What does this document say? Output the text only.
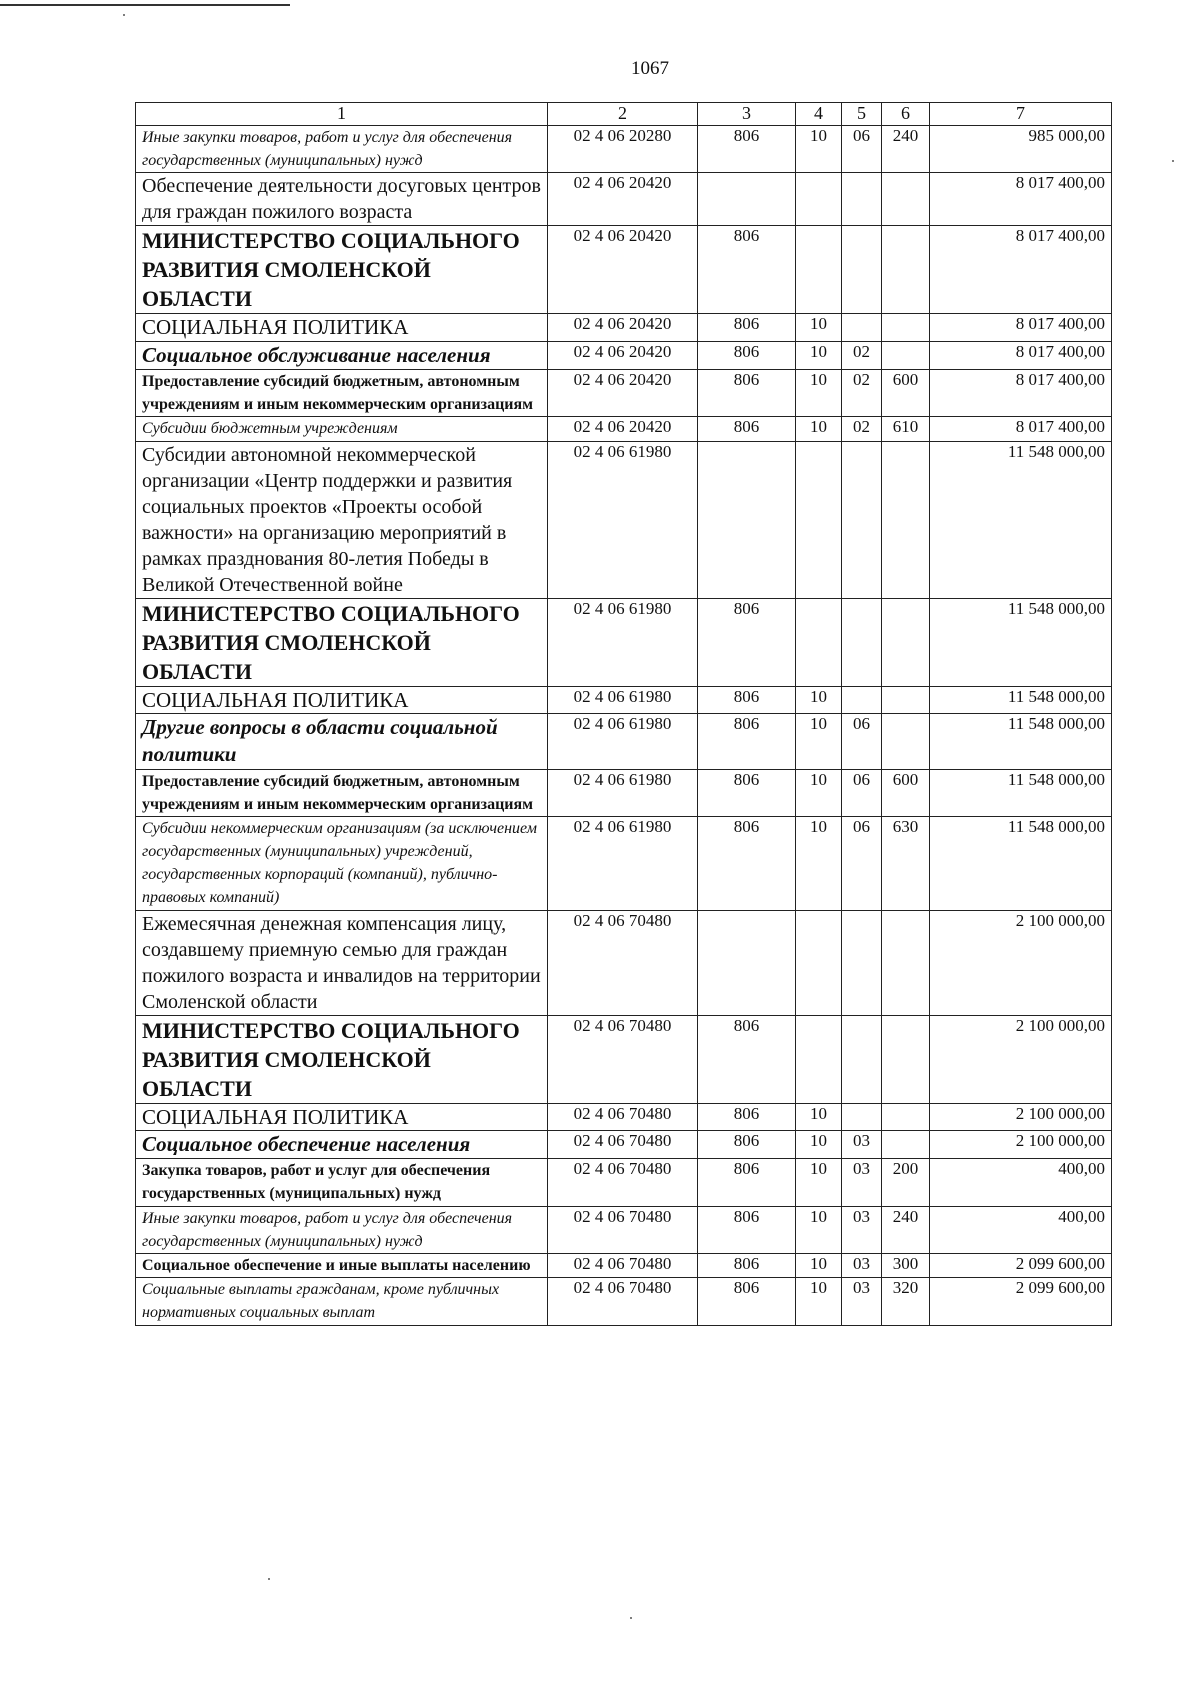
1067
1	2	3	4	5	6	7
Иные закупки товаров, работ и услуг для обеспечения государственных (муниципальных) нужд	02 4 06 20280	806	10	06	240	985 000,00
Обеспечение деятельности досуговых центров для граждан пожилого возраста	02 4 06 20420					8 017 400,00
МИНИСТЕРСТВО СОЦИАЛЬНОГО РАЗВИТИЯ СМОЛЕНСКОЙ ОБЛАСТИ	02 4 06 20420	806				8 017 400,00
СОЦИАЛЬНАЯ ПОЛИТИКА	02 4 06 20420	806	10			8 017 400,00
Социальное обслуживание населения	02 4 06 20420	806	10	02		8 017 400,00
Предоставление субсидий бюджетным, автономным учреждениям и иным некоммерческим организациям	02 4 06 20420	806	10	02	600	8 017 400,00
Субсидии бюджетным учреждениям	02 4 06 20420	806	10	02	610	8 017 400,00
Субсидии автономной некоммерческой организации «Центр поддержки и развития социальных проектов «Проекты особой важности» на организацию мероприятий в рамках празднования 80-летия Победы в Великой Отечественной войне	02 4 06 61980					11 548 000,00
МИНИСТЕРСТВО СОЦИАЛЬНОГО РАЗВИТИЯ СМОЛЕНСКОЙ ОБЛАСТИ	02 4 06 61980	806				11 548 000,00
СОЦИАЛЬНАЯ ПОЛИТИКА	02 4 06 61980	806	10			11 548 000,00
Другие вопросы в области социальной политики	02 4 06 61980	806	10	06		11 548 000,00
Предоставление субсидий бюджетным, автономным учреждениям и иным некоммерческим организациям	02 4 06 61980	806	10	06	600	11 548 000,00
Субсидии некоммерческим организациям (за исключением государственных (муниципальных) учреждений, государственных корпораций (компаний), публично-правовых компаний)	02 4 06 61980	806	10	06	630	11 548 000,00
Ежемесячная денежная компенсация лицу, создавшему приемную семью для граждан пожилого возраста и инвалидов на территории Смоленской области	02 4 06 70480					2 100 000,00
МИНИСТЕРСТВО СОЦИАЛЬНОГО РАЗВИТИЯ СМОЛЕНСКОЙ ОБЛАСТИ	02 4 06 70480	806				2 100 000,00
СОЦИАЛЬНАЯ ПОЛИТИКА	02 4 06 70480	806	10			2 100 000,00
Социальное обеспечение населения	02 4 06 70480	806	10	03		2 100 000,00
Закупка товаров, работ и услуг для обеспечения государственных (муниципальных) нужд	02 4 06 70480	806	10	03	200	400,00
Иные закупки товаров, работ и услуг для обеспечения государственных (муниципальных) нужд	02 4 06 70480	806	10	03	240	400,00
Социальное обеспечение и иные выплаты населению	02 4 06 70480	806	10	03	300	2 099 600,00
Социальные выплаты гражданам, кроме публичных нормативных социальных выплат	02 4 06 70480	806	10	03	320	2 099 600,00
